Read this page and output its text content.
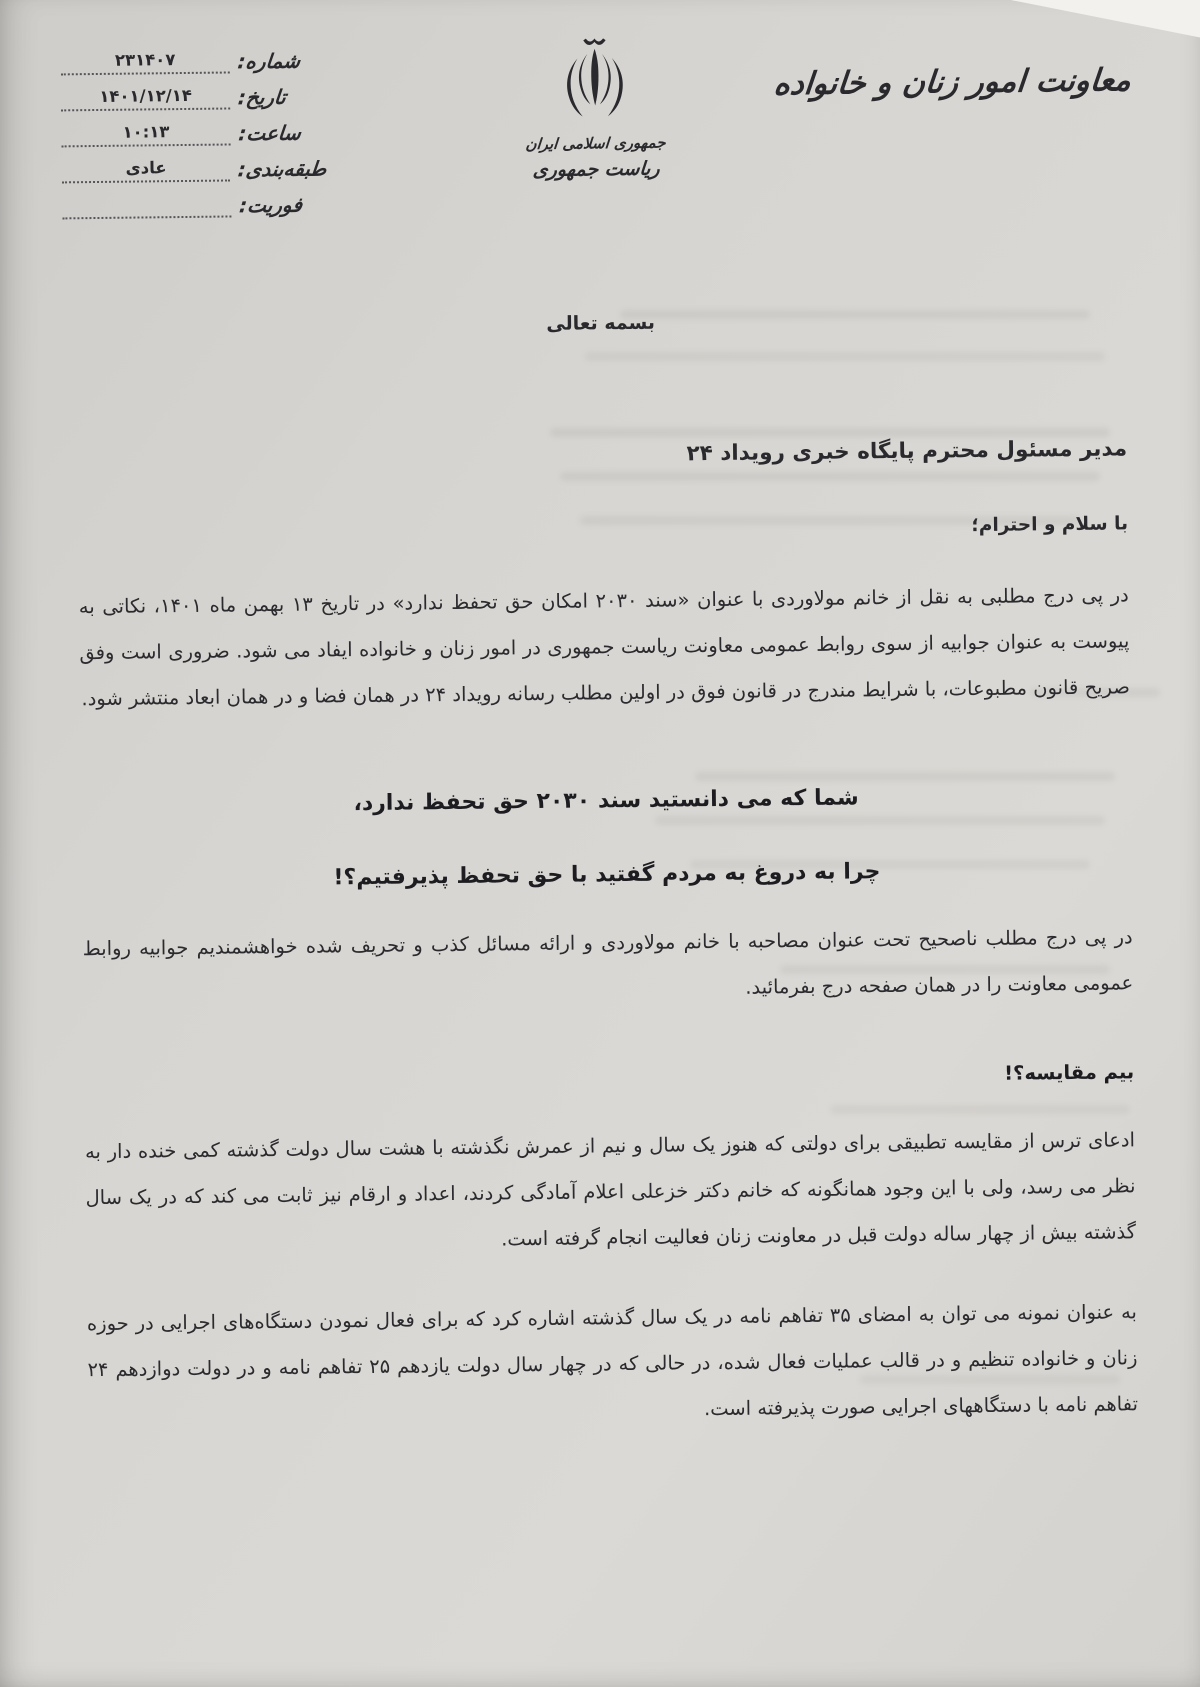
معاونت امور زنان و خانواده
جمهوری اسلامی ایران
ریاست جمهوری
شماره:
۲۳۱۴۰۷
تاریخ:
۱۴۰۱/۱۲/۱۴
ساعت:
۱۰:۱۳
طبقه‌بندی:
عادی
فوریت:
بسمه تعالی
مدیر مسئول محترم پایگاه خبری رویداد ۲۴
با سلام و احترام؛

در پی درج مطلبی به نقل از خانم مولاوردی با عنوان «سند ۲۰۳۰ امکان حق تحفظ ندارد» در تاریخ ۱۳ بهمن ماه ۱۴۰۱، نکاتی به پیوست به عنوان جوابیه از سوی روابط عمومی معاونت ریاست جمهوری در امور زنان و خانواده ایفاد می شود. ضروری است وفق صریح قانون مطبوعات، با شرایط مندرج در قانون فوق در اولین مطلب رسانه رویداد ۲۴ در همان فضا و در همان ابعاد منتشر شود.

شما که می دانستید سند ۲۰۳۰ حق تحفظ ندارد،
چرا به دروغ به مردم گفتید با حق تحفظ پذیرفتیم؟!

در پی درج مطلب ناصحیح تحت عنوان مصاحبه با خانم مولاوردی و ارائه مسائل کذب و تحریف شده خواهشمندیم جوابیه روابط عمومی معاونت را در همان صفحه درج بفرمائید.

بیم مقایسه؟!

ادعای ترس از مقایسه تطبیقی برای دولتی که هنوز یک سال و نیم از عمرش نگذشته با هشت سال دولت گذشته کمی خنده دار به نظر می رسد، ولی با این وجود همانگونه که خانم دکتر خزعلی اعلام آمادگی کردند، اعداد و ارقام نیز ثابت می کند که در یک سال گذشته بیش از چهار ساله دولت قبل در معاونت زنان فعالیت انجام گرفته است.

به عنوان نمونه می توان به امضای ۳۵ تفاهم نامه در یک سال گذشته اشاره کرد که برای فعال نمودن دستگاه‌های اجرایی در حوزه زنان و خانواده تنظیم و در قالب عملیات فعال شده، در حالی که در چهار سال دولت یازدهم ۲۵ تفاهم نامه و در دولت دوازدهم ۲۴ تفاهم نامه با دستگاههای اجرایی صورت پذیرفته است.
